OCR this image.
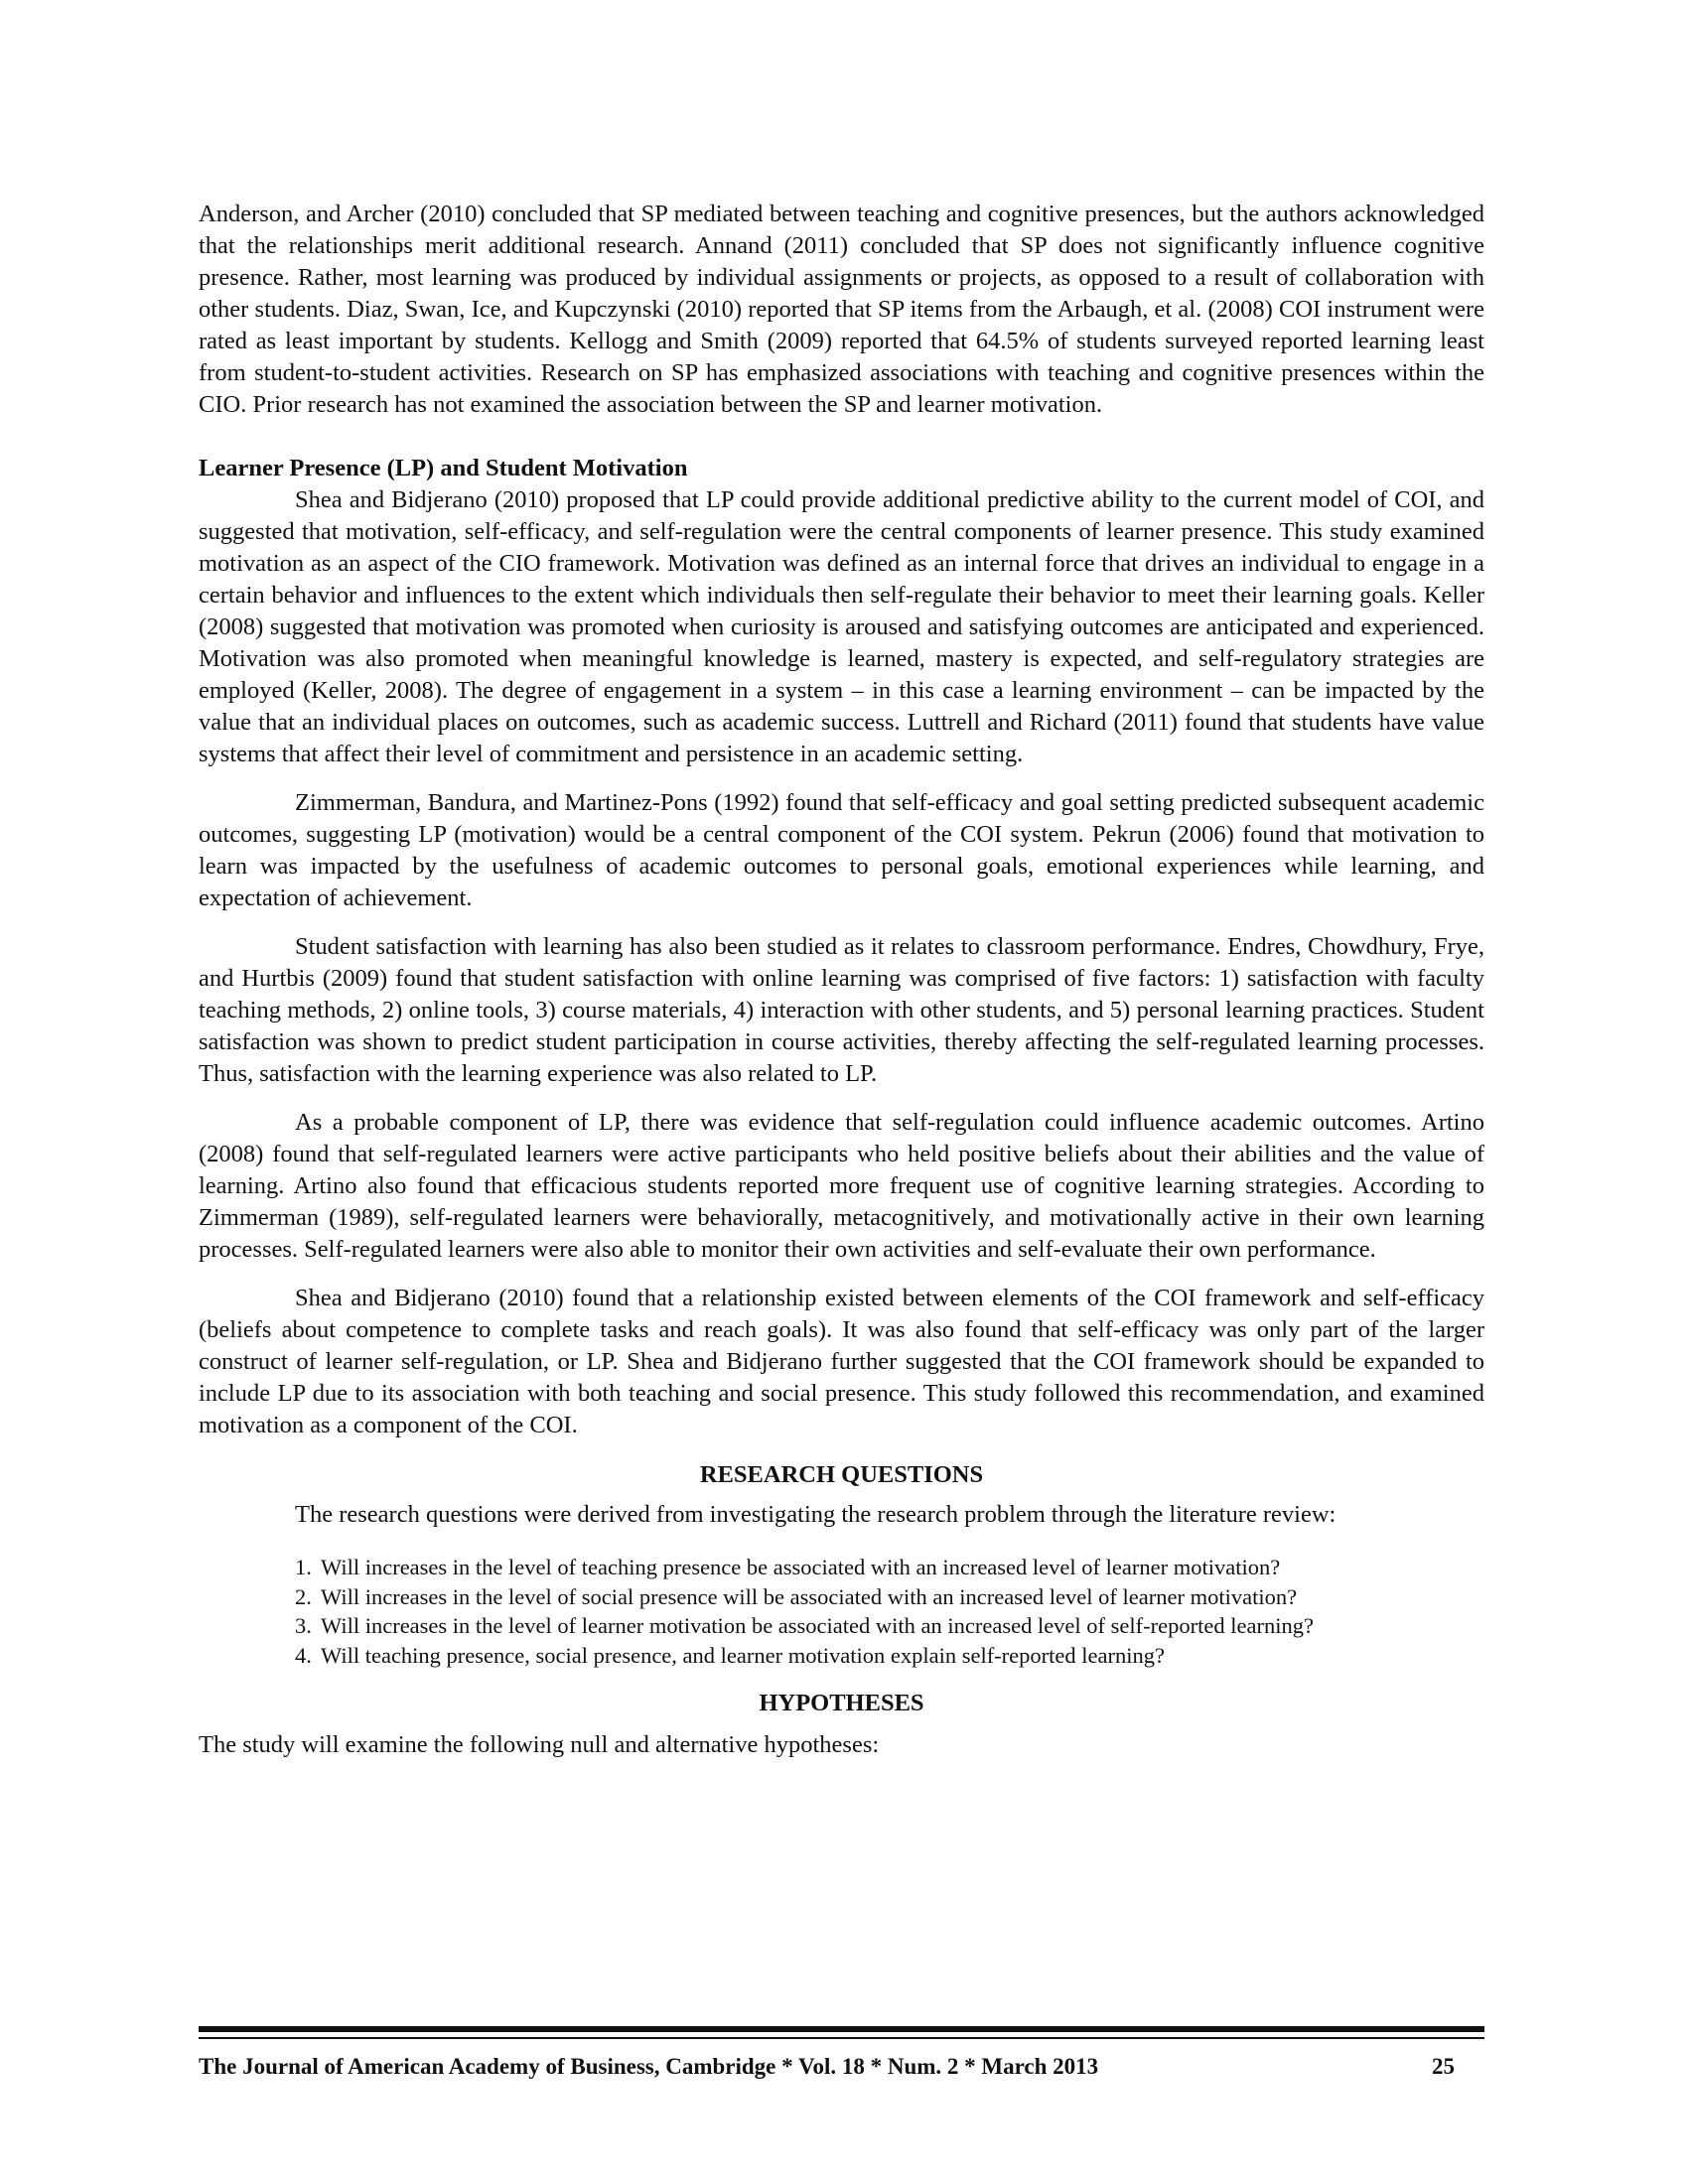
Anderson, and Archer (2010) concluded that SP mediated between teaching and cognitive presences, but the authors acknowledged that the relationships merit additional research. Annand (2011) concluded that SP does not significantly influence cognitive presence. Rather, most learning was produced by individual assignments or projects, as opposed to a result of collaboration with other students. Diaz, Swan, Ice, and Kupczynski (2010) reported that SP items from the Arbaugh, et al. (2008) COI instrument were rated as least important by students. Kellogg and Smith (2009) reported that 64.5% of students surveyed reported learning least from student-to-student activities. Research on SP has emphasized associations with teaching and cognitive presences within the CIO. Prior research has not examined the association between the SP and learner motivation.

Learner Presence (LP) and Student Motivation

Shea and Bidjerano (2010) proposed that LP could provide additional predictive ability to the current model of COI, and suggested that motivation, self-efficacy, and self-regulation were the central components of learner presence. This study examined motivation as an aspect of the CIO framework. Motivation was defined as an internal force that drives an individual to engage in a certain behavior and influences to the extent which individuals then self-regulate their behavior to meet their learning goals. Keller (2008) suggested that motivation was promoted when curiosity is aroused and satisfying outcomes are anticipated and experienced. Motivation was also promoted when meaningful knowledge is learned, mastery is expected, and self-regulatory strategies are employed (Keller, 2008). The degree of engagement in a system – in this case a learning environment – can be impacted by the value that an individual places on outcomes, such as academic success. Luttrell and Richard (2011) found that students have value systems that affect their level of commitment and persistence in an academic setting.

Zimmerman, Bandura, and Martinez-Pons (1992) found that self-efficacy and goal setting predicted subsequent academic outcomes, suggesting LP (motivation) would be a central component of the COI system. Pekrun (2006) found that motivation to learn was impacted by the usefulness of academic outcomes to personal goals, emotional experiences while learning, and expectation of achievement.

Student satisfaction with learning has also been studied as it relates to classroom performance. Endres, Chowdhury, Frye, and Hurtbis (2009) found that student satisfaction with online learning was comprised of five factors: 1) satisfaction with faculty teaching methods, 2) online tools, 3) course materials, 4) interaction with other students, and 5) personal learning practices. Student satisfaction was shown to predict student participation in course activities, thereby affecting the self-regulated learning processes. Thus, satisfaction with the learning experience was also related to LP.

As a probable component of LP, there was evidence that self-regulation could influence academic outcomes. Artino (2008) found that self-regulated learners were active participants who held positive beliefs about their abilities and the value of learning. Artino also found that efficacious students reported more frequent use of cognitive learning strategies. According to Zimmerman (1989), self-regulated learners were behaviorally, metacognitively, and motivationally active in their own learning processes. Self-regulated learners were also able to monitor their own activities and self-evaluate their own performance.

Shea and Bidjerano (2010) found that a relationship existed between elements of the COI framework and self-efficacy (beliefs about competence to complete tasks and reach goals). It was also found that self-efficacy was only part of the larger construct of learner self-regulation, or LP. Shea and Bidjerano further suggested that the COI framework should be expanded to include LP due to its association with both teaching and social presence. This study followed this recommendation, and examined motivation as a component of the COI.

RESEARCH QUESTIONS

The research questions were derived from investigating the research problem through the literature review:

1. Will increases in the level of teaching presence be associated with an increased level of learner motivation?
2. Will increases in the level of social presence will be associated with an increased level of learner motivation?
3. Will increases in the level of learner motivation be associated with an increased level of self-reported learning?
4. Will teaching presence, social presence, and learner motivation explain self-reported learning?
HYPOTHESES

The study will examine the following null and alternative hypotheses:

The Journal of American Academy of Business, Cambridge * Vol. 18 * Num. 2 * March 2013	25
